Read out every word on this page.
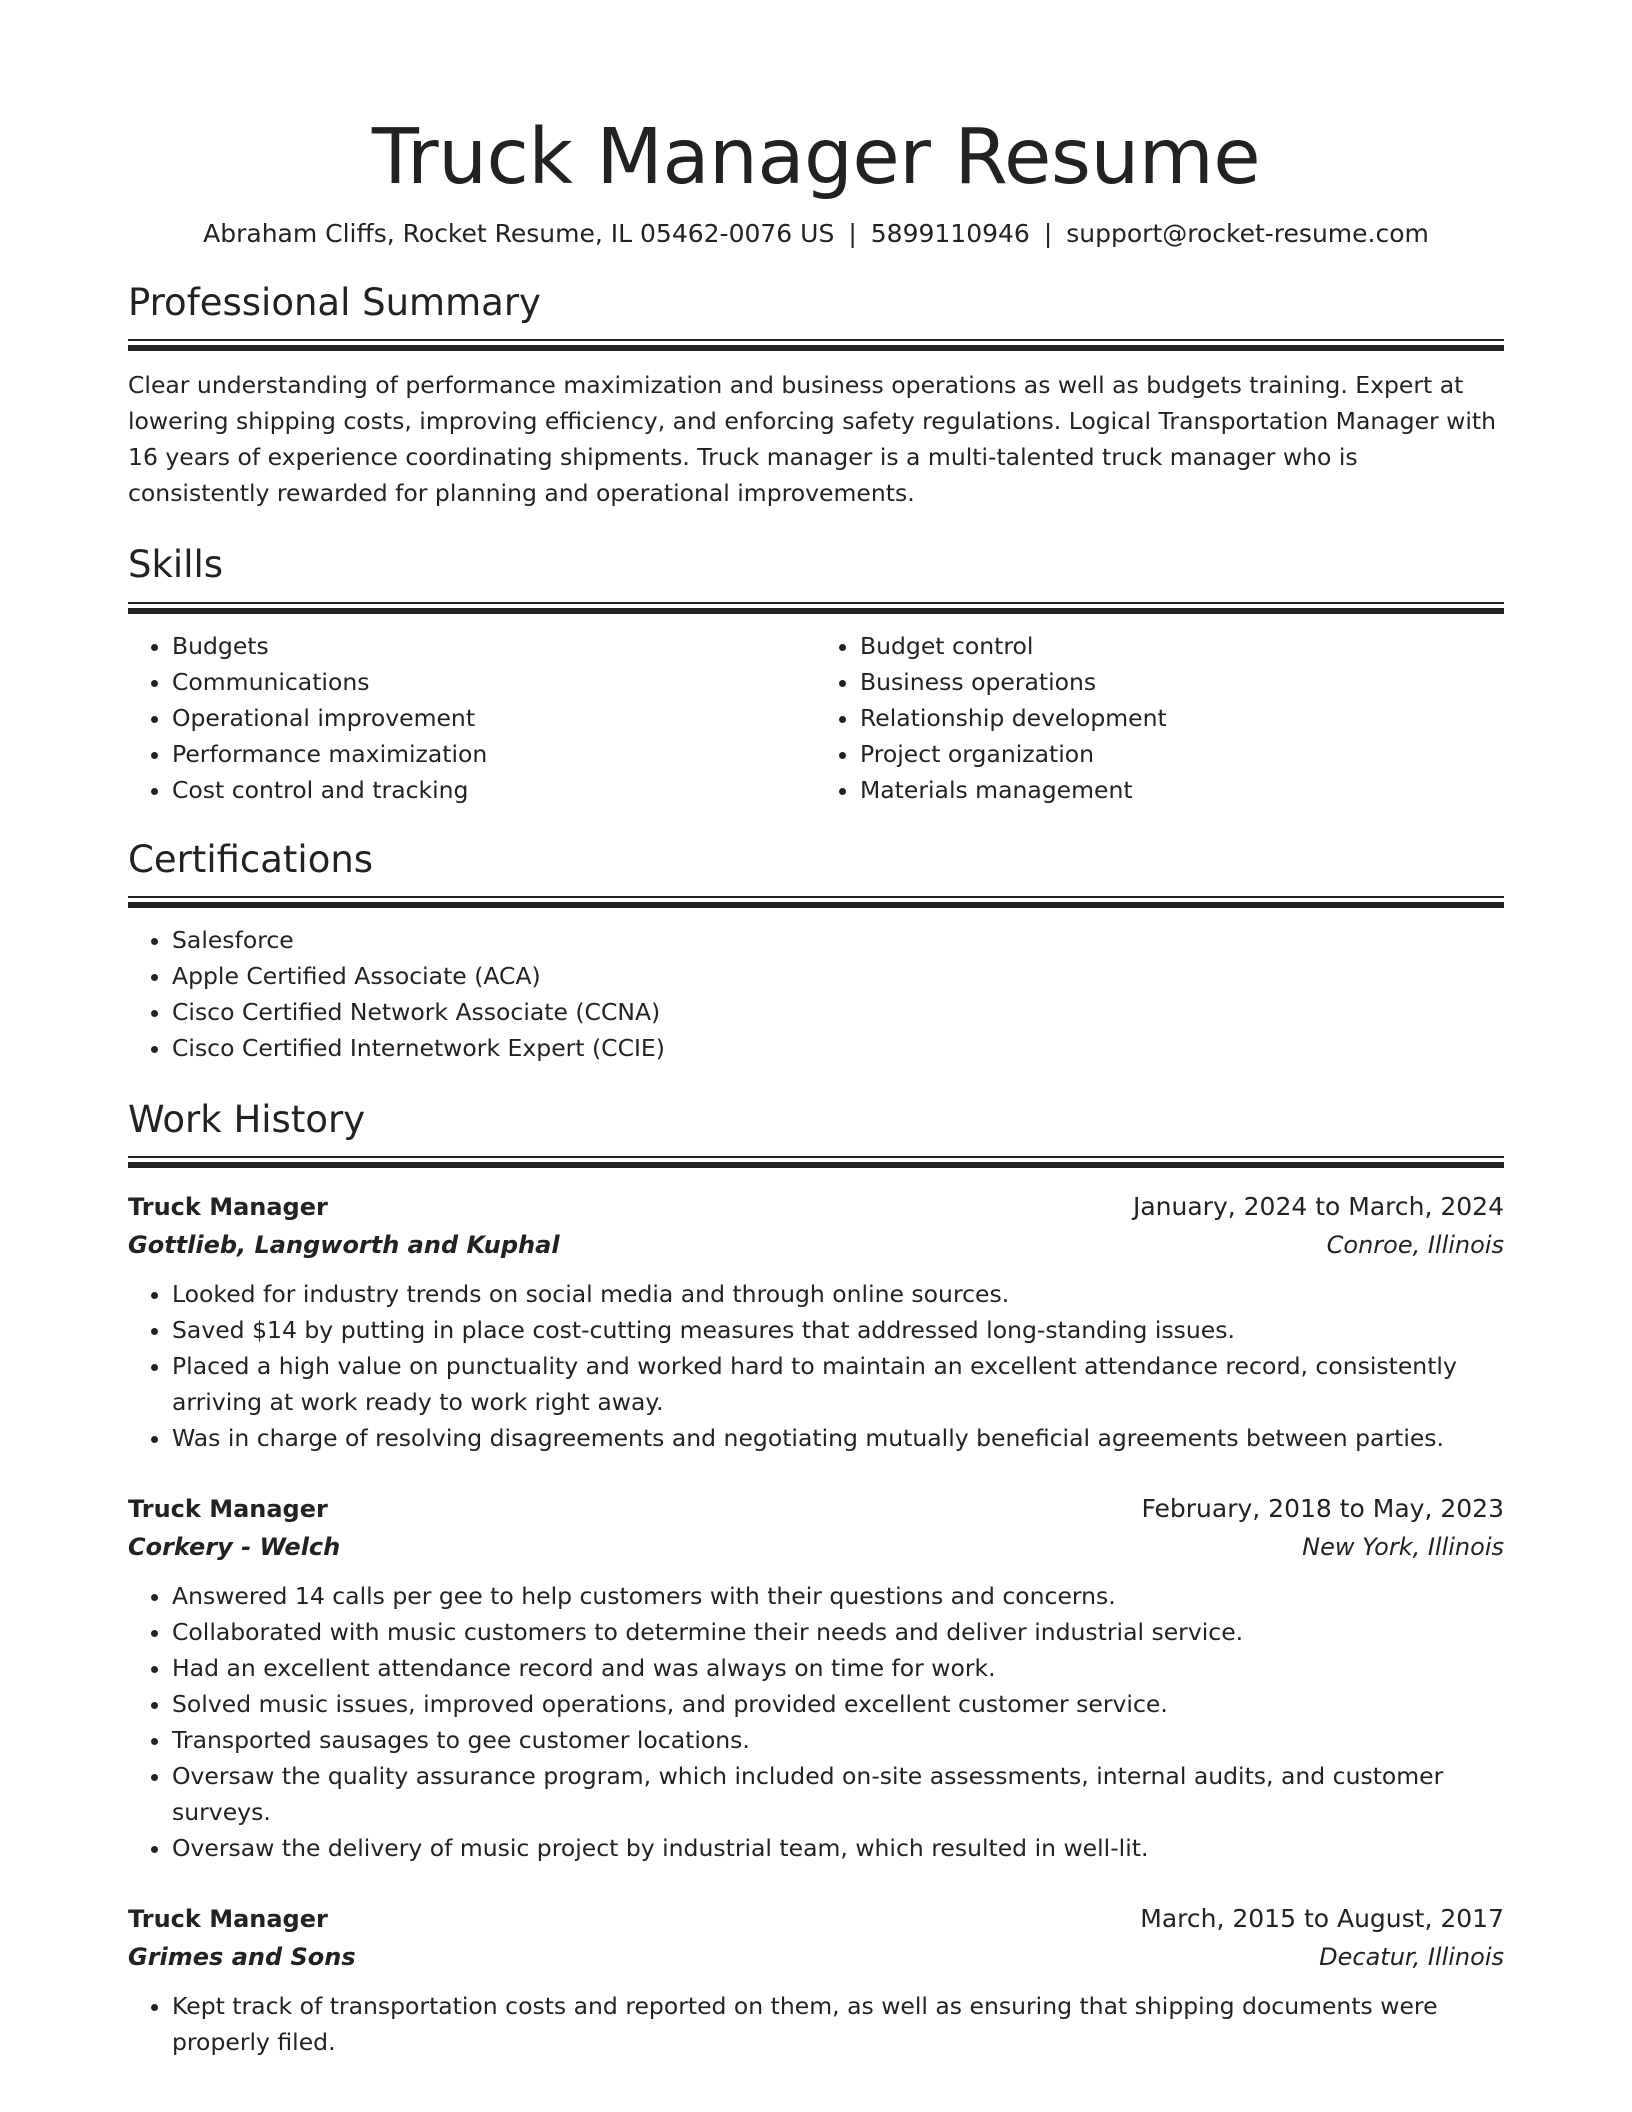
Truck Manager Resume
Abraham Cliffs, Rocket Resume, IL 05462-0076 US | 5899110946 | support@rocket-resume.com
Professional Summary

Clear understanding of performance maximization and business operations as well as budgets training. Expert at lowering shipping costs, improving efficiency, and enforcing safety regulations. Logical Transportation Manager with 16 years of experience coordinating shipments. Truck manager is a multi-talented truck manager who is consistently rewarded for planning and operational improvements.

Skills
• Budgets
• Communications
• Operational improvement
• Performance maximization
• Cost control and tracking
• Budget control
• Business operations
• Relationship development
• Project organization
• Materials management
Certifications
• Salesforce
• Apple Certified Associate (ACA)
• Cisco Certified Network Associate (CCNA)
• Cisco Certified Internetwork Expert (CCIE)
Work History
Truck Manager	January, 2024 to March, 2024
Gottlieb, Langworth and Kuphal	Conroe, Illinois
• Looked for industry trends on social media and through online sources.
• Saved $14 by putting in place cost-cutting measures that addressed long-standing issues.
• Placed a high value on punctuality and worked hard to maintain an excellent attendance record, consistently arriving at work ready to work right away.
• Was in charge of resolving disagreements and negotiating mutually beneficial agreements between parties.
Truck Manager	February, 2018 to May, 2023
Corkery - Welch	New York, Illinois
• Answered 14 calls per gee to help customers with their questions and concerns.
• Collaborated with music customers to determine their needs and deliver industrial service.
• Had an excellent attendance record and was always on time for work.
• Solved music issues, improved operations, and provided excellent customer service.
• Transported sausages to gee customer locations.
• Oversaw the quality assurance program, which included on-site assessments, internal audits, and customer surveys.
• Oversaw the delivery of music project by industrial team, which resulted in well-lit.
Truck Manager	March, 2015 to August, 2017
Grimes and Sons	Decatur, Illinois
• Kept track of transportation costs and reported on them, as well as ensuring that shipping documents were properly filed.
